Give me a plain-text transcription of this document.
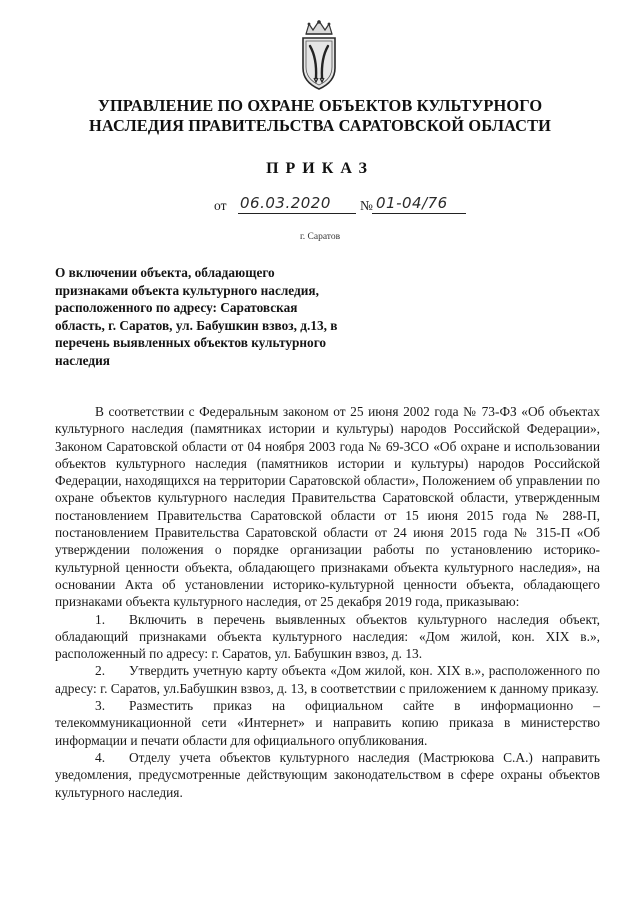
УПРАВЛЕНИЕ ПО ОХРАНЕ ОБЪЕКТОВ КУЛЬТУРНОГО
НАСЛЕДИЯ ПРАВИТЕЛЬСТВА САРАТОВСКОЙ ОБЛАСТИ
ПРИКАЗ
от 06.03.2020 № 01-04/76
г. Саратов
О включении объекта, обладающего признаками объекта культурного наследия, расположенного по адресу: Саратовская область, г. Саратов, ул. Бабушкин взвоз, д.13, в перечень выявленных объектов культурного наследия

В соответствии с Федеральным законом от 25 июня 2002 года № 73-ФЗ «Об объектах культурного наследия (памятниках истории и культуры) народов Российской Федерации», Законом Саратовской области от 04 ноября 2003 года № 69-ЗСО «Об охране и использовании объектов культурного наследия (памятников истории и культуры) народов Российской Федерации, находящихся на территории Саратовской области», Положением об управлении по охране объектов культурного наследия Правительства Саратовской области, утвержденным постановлением Правительства Саратовской области от 15 июня 2015 года № 288-П, постановлением Правительства Саратовской области от 24 июня 2015 года № 315-П «Об утверждении положения о порядке организации работы по установлению историко-культурной ценности объекта, обладающего признаками объекта культурного наследия», на основании Акта об установлении историко-культурной ценности объекта, обладающего признаками объекта культурного наследия, от 25 декабря 2019 года, приказываю:

1. Включить в перечень выявленных объектов культурного наследия объект, обладающий признаками объекта культурного наследия: «Дом жилой, кон. XIX в.», расположенный по адресу: г. Саратов, ул. Бабушкин взвоз, д. 13.

2. Утвердить учетную карту объекта «Дом жилой, кон. XIX в.», расположенного по адресу: г. Саратов, ул.Бабушкин взвоз, д. 13, в соответствии с приложением к данному приказу.

3. Разместить приказ на официальном сайте в информационно – телекоммуникационной сети «Интернет» и направить копию приказа в министерство информации и печати области для официального опубликования.

4. Отделу учета объектов культурного наследия (Мастрюкова С.А.) направить уведомления, предусмотренные действующим законодательством в сфере охраны объектов культурного наследия.
